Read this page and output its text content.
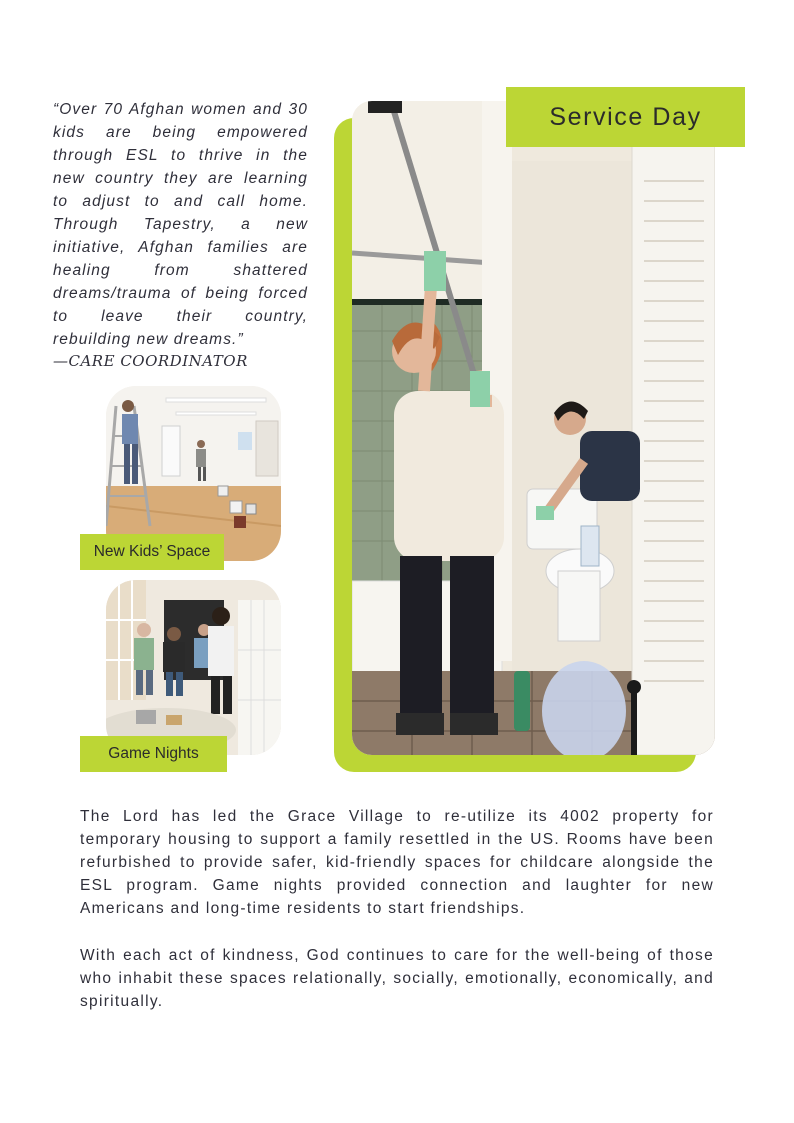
“Over 70 Afghan women and 30 kids are being empowered through ESL to thrive in the new country they are learning to adjust to and call home. Through Tapestry, a new initiative, Afghan families are healing from shattered dreams/trauma of being forced to leave their country, rebuilding new dreams.”
—CARE COORDINATOR
New Kids’ Space
Game Nights
Service Day

The Lord has led the Grace Village to re-utilize its 4002 property for temporary housing to support a family resettled in the US. Rooms have been refurbished to provide safer, kid-friendly spaces for childcare alongside the ESL program. Game nights provided connection and laughter for new Americans and long-time residents to start friendships.

With each act of kindness, God continues to care for the well-being of those who inhabit these spaces relationally, socially, emotionally, economically, and spiritually.
